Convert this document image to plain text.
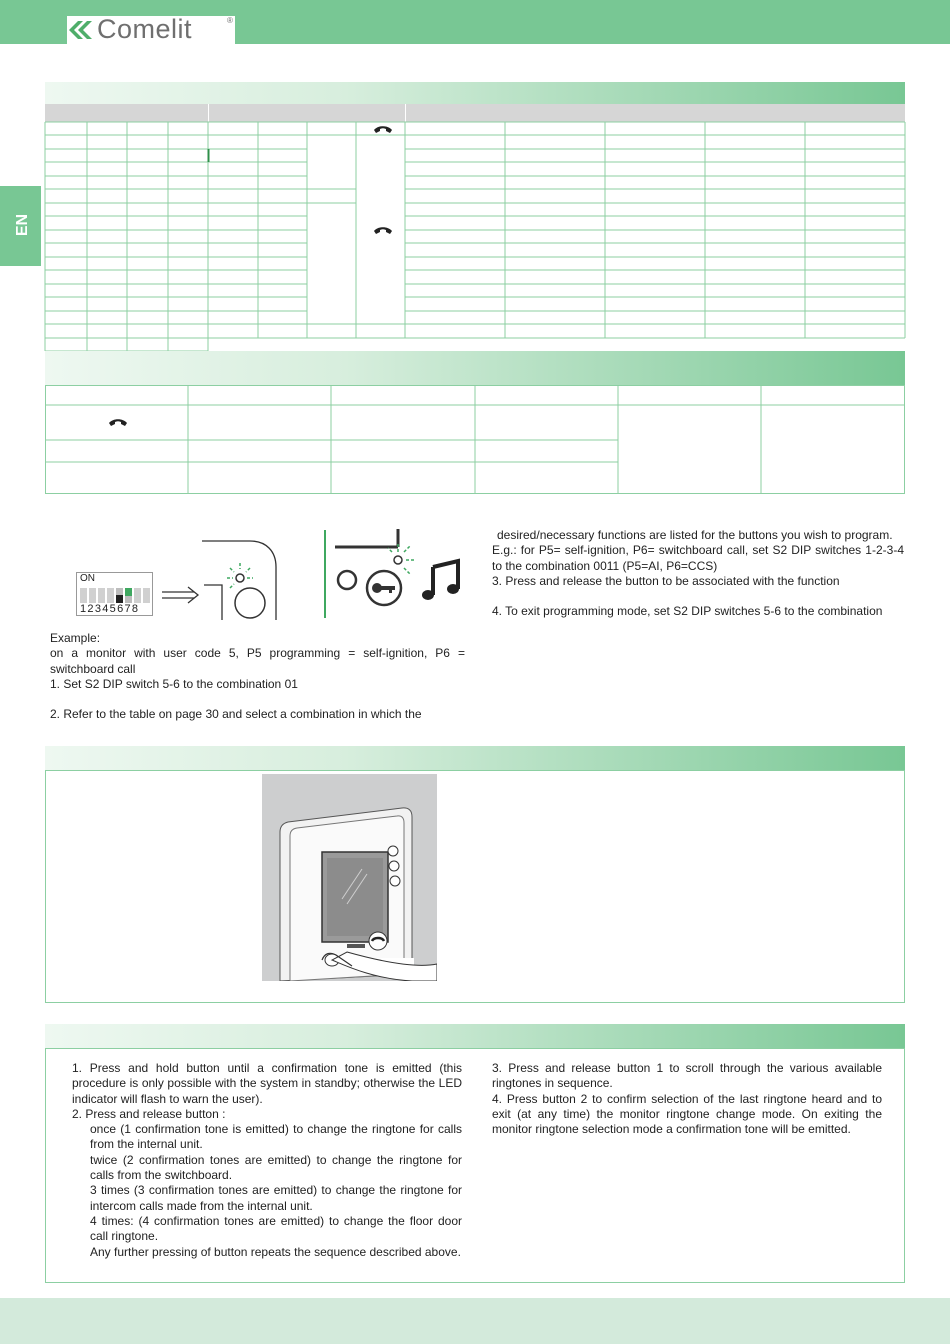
Comelit	®
EN
ON
12345678

Example:

on a monitor with user code 5, P5 programming = self-ignition, P6 = switchboard call

1. Set S2 DIP switch 5-6 to the combination 01

2. Refer to the table on page 30 and select a combination in which the

desired/necessary functions are listed for the buttons you wish to program.

E.g.: for P5= self-ignition, P6= switchboard call, set S2 DIP switches 1-2-3-4 to the combination 0011 (P5=AI, P6=CCS)

3. Press and release the button to be associated with the function

4. To exit programming mode, set S2 DIP switches 5-6 to the combination

1. Press and hold button until a confirmation tone is emitted (this procedure is only possible with the system in standby; otherwise the LED indicator will flash to warn the user).

2. Press and release button :

once (1 confirmation tone is emitted) to change the ringtone for calls from the internal unit.

twice (2 confirmation tones are emitted) to change the ringtone for calls from the switchboard.

3 times (3 confirmation tones are emitted) to change the ringtone for intercom calls made from the internal unit.

4 times: (4 confirmation tones are emitted) to change the floor door call ringtone.

Any further pressing of button repeats the sequence described above.

3. Press and release button 1 to scroll through the various available ringtones in sequence.

4. Press button 2 to confirm selection of the last ringtone heard and to exit (at any time) the monitor ringtone change mode. On exiting the monitor ringtone selection mode a confirmation tone will be emitted.
